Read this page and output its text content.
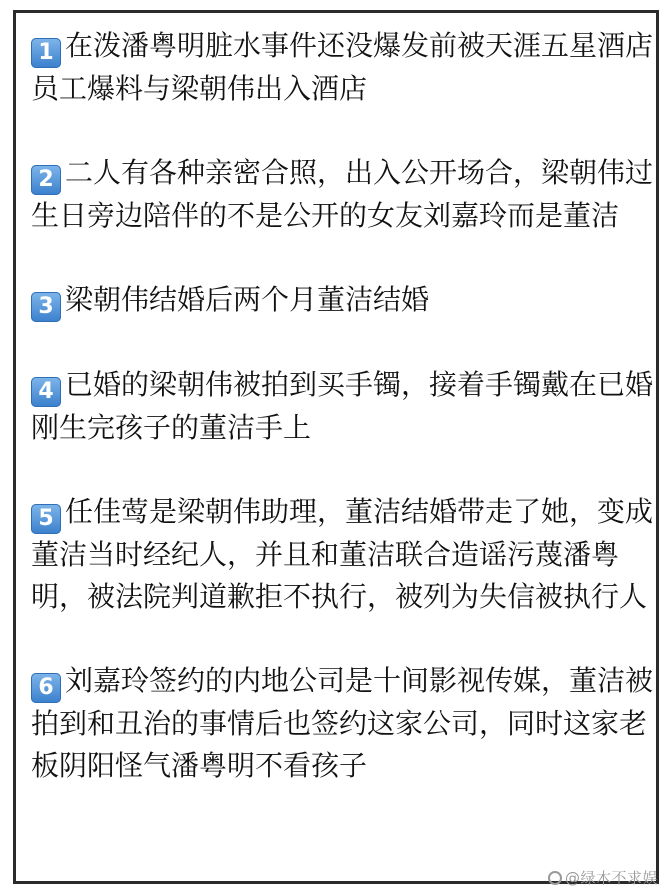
1 在泼潘粤明脏水事件还没爆发前被天涯五星酒店员工爆料与梁朝伟出入酒店
2 二人有各种亲密合照，出入公开场合，梁朝伟过生日旁边陪伴的不是公开的女友刘嘉玲而是董洁
3 梁朝伟结婚后两个月董洁结婚
4 已婚的梁朝伟被拍到买手镯，接着手镯戴在已婚刚生完孩子的董洁手上
5 任佳莺是梁朝伟助理，董洁结婚带走了她，变成董洁当时经纪人，并且和董洁联合造谣污蔑潘粤明，被法院判道歉拒不执行，被列为失信被执行人
6 刘嘉玲签约的内地公司是十间影视传媒，董洁被拍到和丑治的事情后也签约这家公司，同时这家老板阴阳怪气潘粤明不看孩子
@绿木不求娱
